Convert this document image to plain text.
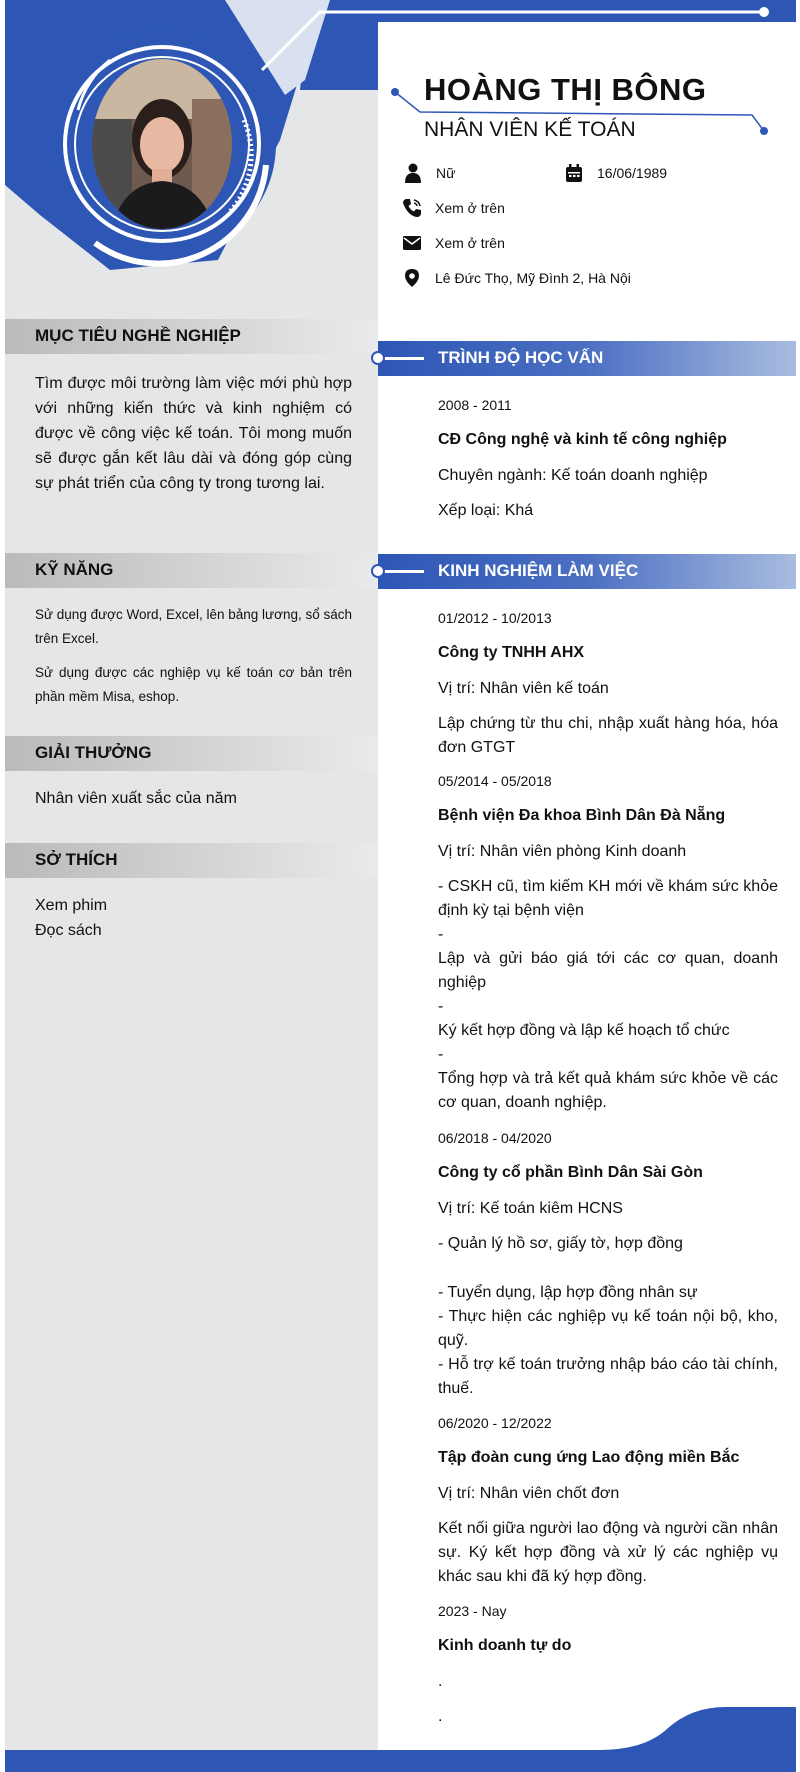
HOÀNG THỊ BÔNG
NHÂN VIÊN KẾ TOÁN
Nữ	16/06/1989
Xem ở trên
Xem ở trên
Lê Đức Thọ, Mỹ Đình 2, Hà Nội
MỤC TIÊU NGHỀ NGHIỆP
Tìm được môi trường làm việc mới phù hợp với những kiến thức và kinh nghiệm có được về công việc kế toán. Tôi mong muốn sẽ được gắn kết lâu dài và đóng góp cùng sự phát triển của công ty trong tương lai.
KỸ NĂNG
Sử dụng được Word, Excel, lên bảng lương, sổ sách trên Excel.
Sử dụng được các nghiệp vụ kế toán cơ bản trên phần mềm Misa, eshop.
GIẢI THƯỞNG
Nhân viên xuất sắc của năm
SỞ THÍCH
Xem phim
Đọc sách
TRÌNH ĐỘ HỌC VẤN
2008 - 2011
CĐ Công nghệ và kinh tế công nghiệp
Chuyên ngành: Kế toán doanh nghiệp
Xếp loại: Khá
KINH NGHIỆM LÀM VIỆC
01/2012 - 10/2013
Công ty TNHH AHX
Vị trí: Nhân viên kế toán
Lập chứng từ thu chi, nhập xuất hàng hóa, hóa đơn GTGT
05/2014 - 05/2018
Bệnh viện Đa khoa Bình Dân Đà Nẵng
Vị trí: Nhân viên phòng Kinh doanh
- CSKH cũ, tìm kiếm KH mới về khám sức khỏe định kỳ tại bệnh viện
-
Lập và gửi báo giá tới các cơ quan, doanh nghiệp
-
Ký kết hợp đồng và lập kế hoạch tổ chức
-
Tổng hợp và trả kết quả khám sức khỏe về các cơ quan, doanh nghiệp.
06/2018 - 04/2020
Công ty cổ phần Bình Dân Sài Gòn
Vị trí: Kế toán kiêm HCNS
- Quản lý hồ sơ, giấy tờ, hợp đồng
- Tuyển dụng, lập hợp đồng nhân sự
- Thực hiện các nghiệp vụ kế toán nội bộ, kho, quỹ.
- Hỗ trợ kế toán trưởng nhập báo cáo tài chính, thuế.
06/2020 - 12/2022
Tập đoàn cung ứng Lao động miền Bắc
Vị trí: Nhân viên chốt đơn
Kết nối giữa người lao động và người cần nhân sự. Ký kết hợp đồng và xử lý các nghiệp vụ khác sau khi đã ký hợp đồng.
2023 - Nay
Kinh doanh tự do
.
.
